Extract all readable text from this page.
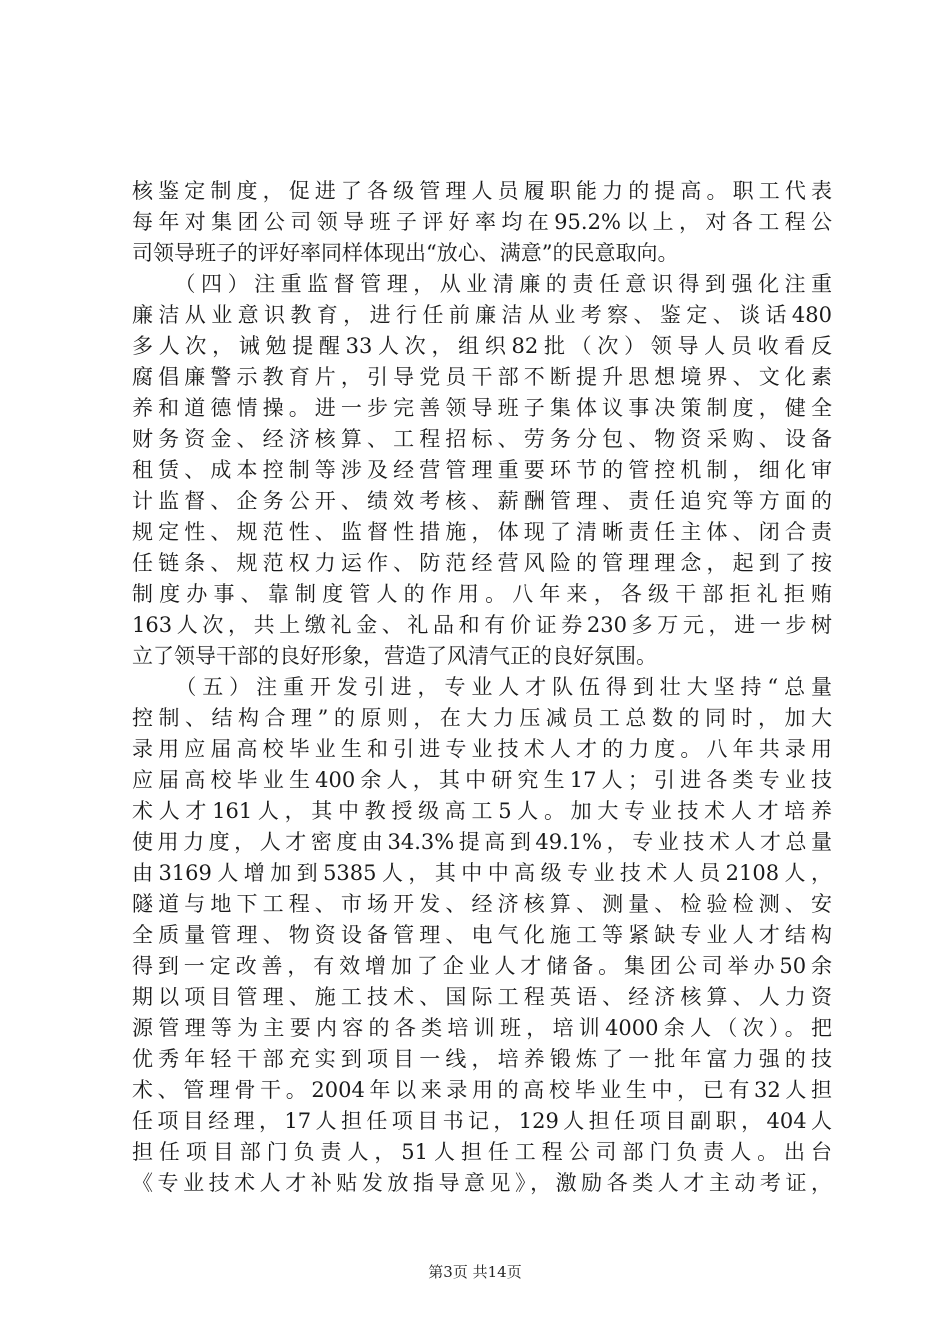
核鉴定制度，促进了各级管理人员履职能力的提高。职工代表
每年对集团公司领导班子评好率均在95.2%以上，对各工程公
司领导班子的评好率同样体现出“放心、满意”的民意取向。
　　（四）注重监督管理，从业清廉的责任意识得到强化注重
廉洁从业意识教育，进行任前廉洁从业考察、鉴定、谈话480
多人次，诫勉提醒33人次，组织82批（次）领导人员收看反
腐倡廉警示教育片，引导党员干部不断提升思想境界、文化素
养和道德情操。进一步完善领导班子集体议事决策制度，健全
财务资金、经济核算、工程招标、劳务分包、物资采购、设备
租赁、成本控制等涉及经营管理重要环节的管控机制，细化审
计监督、企务公开、绩效考核、薪酬管理、责任追究等方面的
规定性、规范性、监督性措施，体现了清晰责任主体、闭合责
任链条、规范权力运作、防范经营风险的管理理念，起到了按
制度办事、靠制度管人的作用。八年来，各级干部拒礼拒贿
163人次，共上缴礼金、礼品和有价证券230多万元，进一步树
立了领导干部的良好形象，营造了风清气正的良好氛围。
　　（五）注重开发引进，专业人才队伍得到壮大坚持“总量
控制、结构合理”的原则，在大力压减员工总数的同时，加大
录用应届高校毕业生和引进专业技术人才的力度。八年共录用
应届高校毕业生400余人，其中研究生17人；引进各类专业技
术人才161人，其中教授级高工5人。加大专业技术人才培养
使用力度，人才密度由34.3%提高到49.1%，专业技术人才总量
由3169人增加到5385人，其中中高级专业技术人员2108人，
隧道与地下工程、市场开发、经济核算、测量、检验检测、安
全质量管理、物资设备管理、电气化施工等紧缺专业人才结构
得到一定改善，有效增加了企业人才储备。集团公司举办50余
期以项目管理、施工技术、国际工程英语、经济核算、人力资
源管理等为主要内容的各类培训班，培训4000余人（次）。把
优秀年轻干部充实到项目一线，培养锻炼了一批年富力强的技
术、管理骨干。2004年以来录用的高校毕业生中，已有32人担
任项目经理，17人担任项目书记，129人担任项目副职，404人
担任项目部门负责人，51人担任工程公司部门负责人。出台
《专业技术人才补贴发放指导意见》，激励各类人才主动考证，
第3页 共14页
